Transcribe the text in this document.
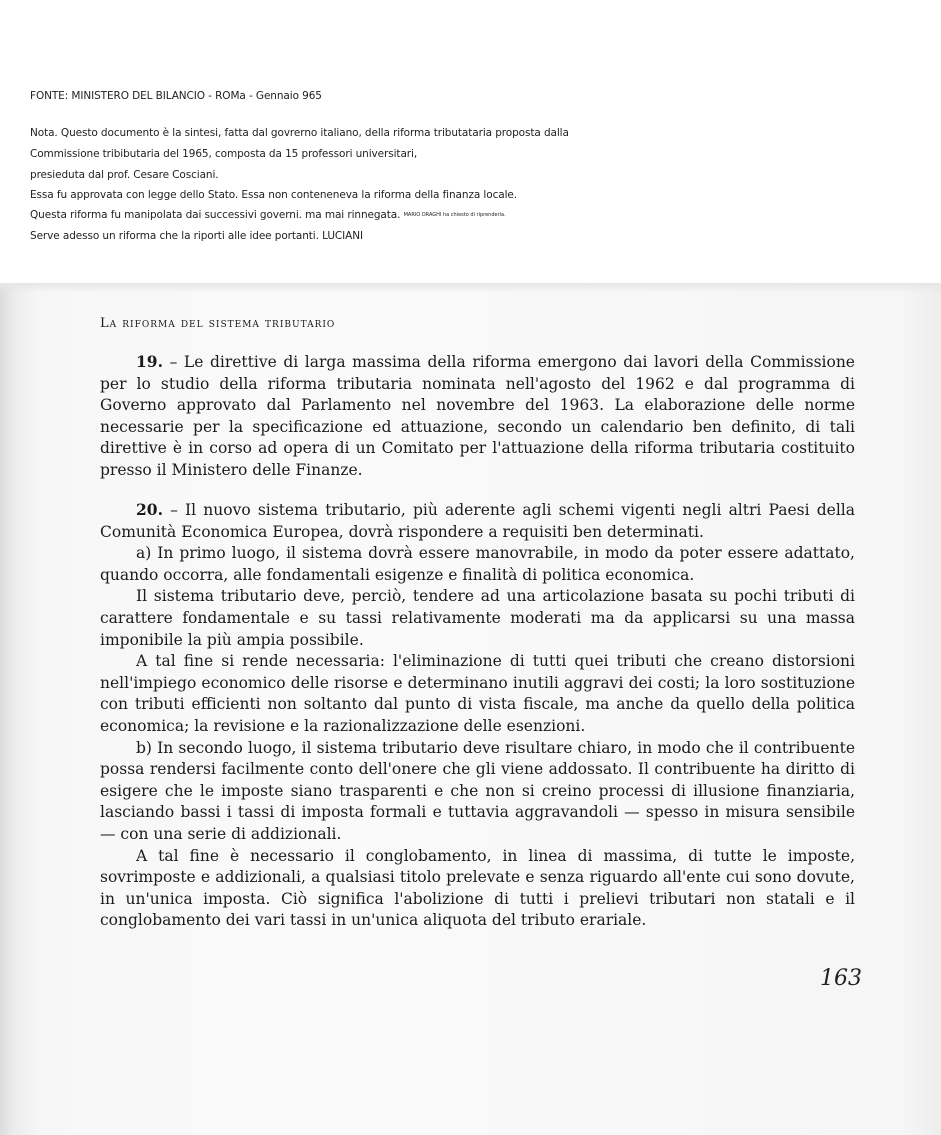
FONTE: MINISTERO DEL BILANCIO - ROMa - Gennaio 965
Nota. Questo documento è la sintesi, fatta dal govrerno italiano, della riforma tributataria proposta dalla
Commissione tribibutaria del 1965, composta da 15 professori universitari,
presieduta dal prof. Cesare Cosciani.
Essa fu approvata con legge dello Stato. Essa non conteneneva la riforma della finanza locale.
Questa riforma fu manipolata dai successivi governi. ma mai rinnegata. MARIO DRAGHI ha chiesto di riprenderla.
Serve adesso un riforma che la riporti alle idee portanti. LUCIANI
La riforma del sistema tributario

19. – Le direttive di larga massima della riforma emergono dai lavori della Commissione per lo studio della riforma tributaria nominata nell'agosto del 1962 e dal programma di Governo approvato dal Parlamento nel novembre del 1963. La elaborazione delle norme necessarie per la specificazione ed attuazione, secondo un calendario ben definito, di tali direttive è in corso ad opera di un Comitato per l'attuazione della riforma tributaria costituito presso il Ministero delle Finanze.

20. – Il nuovo sistema tributario, più aderente agli schemi vigenti negli altri Paesi della Comunità Economica Europea, dovrà rispondere a requisiti ben determinati.

a) In primo luogo, il sistema dovrà essere manovrabile, in modo da poter essere adattato, quando occorra, alle fondamentali esigenze e finalità di politica economica.

Il sistema tributario deve, perciò, tendere ad una articolazione basata su pochi tributi di carattere fondamentale e su tassi relativamente moderati ma da applicarsi su una massa imponibile la più ampia possibile.

A tal fine si rende necessaria: l'eliminazione di tutti quei tributi che creano distorsioni nell'impiego economico delle risorse e determinano inutili aggravi dei costi; la loro sostituzione con tributi efficienti non soltanto dal punto di vista fiscale, ma anche da quello della politica economica; la revisione e la razionalizzazione delle esenzioni.

b) In secondo luogo, il sistema tributario deve risultare chiaro, in modo che il contribuente possa rendersi facilmente conto dell'onere che gli viene addossato. Il contribuente ha diritto di esigere che le imposte siano trasparenti e che non si creino processi di illusione finanziaria, lasciando bassi i tassi di imposta formali e tuttavia aggravandoli — spesso in misura sensibile — con una serie di addizionali.

A tal fine è necessario il conglobamento, in linea di massima, di tutte le imposte, sovrimposte e addizionali, a qualsiasi titolo prelevate e senza riguardo all'ente cui sono dovute, in un'unica imposta. Ciò significa l'abolizione di tutti i prelievi tributari non statali e il conglobamento dei vari tassi in un'unica aliquota del tributo erariale.

163
